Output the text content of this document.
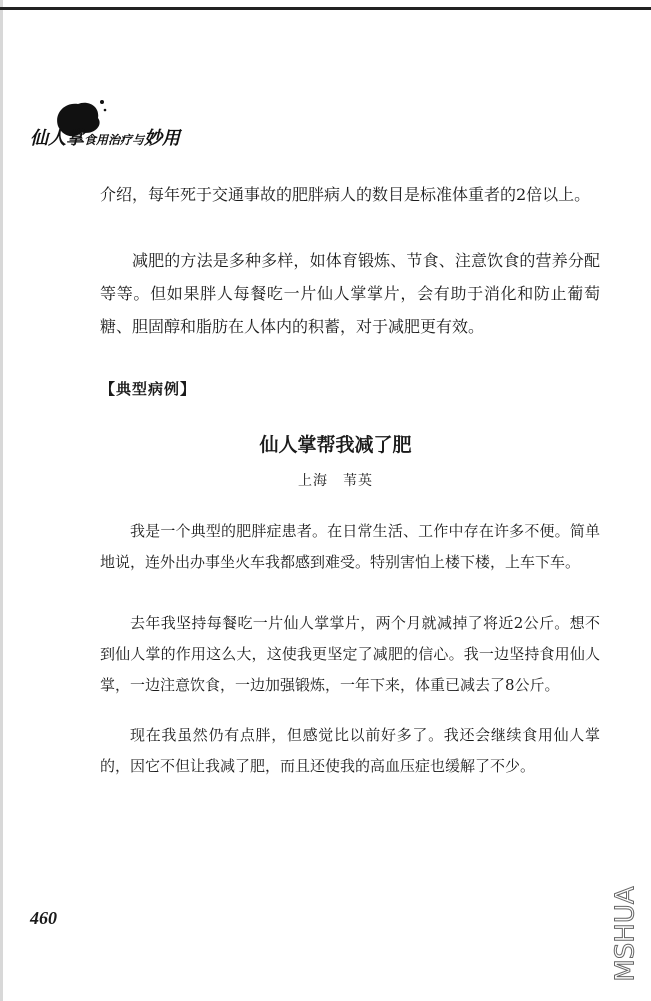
仙人掌食用治疗与妙用

介绍，每年死于交通事故的肥胖病人的数目是标准体重者的2倍以上。

减肥的方法是多种多样，如体育锻炼、节食、注意饮食的营养分配等等。但如果胖人每餐吃一片仙人掌掌片，会有助于消化和防止葡萄糖、胆固醇和脂肪在人体内的积蓄，对于减肥更有效。

【典型病例】

仙人掌帮我减了肥

上海　苇英

我是一个典型的肥胖症患者。在日常生活、工作中存在许多不便。简单地说，连外出办事坐火车我都感到难受。特别害怕上楼下楼，上车下车。

去年我坚持每餐吃一片仙人掌掌片，两个月就减掉了将近2公斤。想不到仙人掌的作用这么大，这使我更坚定了减肥的信心。我一边坚持食用仙人掌，一边注意饮食，一边加强锻炼，一年下来，体重已减去了8公斤。

现在我虽然仍有点胖，但感觉比以前好多了。我还会继续食用仙人掌的，因它不但让我减了肥，而且还使我的高血压症也缓解了不少。

460	MSHUA
